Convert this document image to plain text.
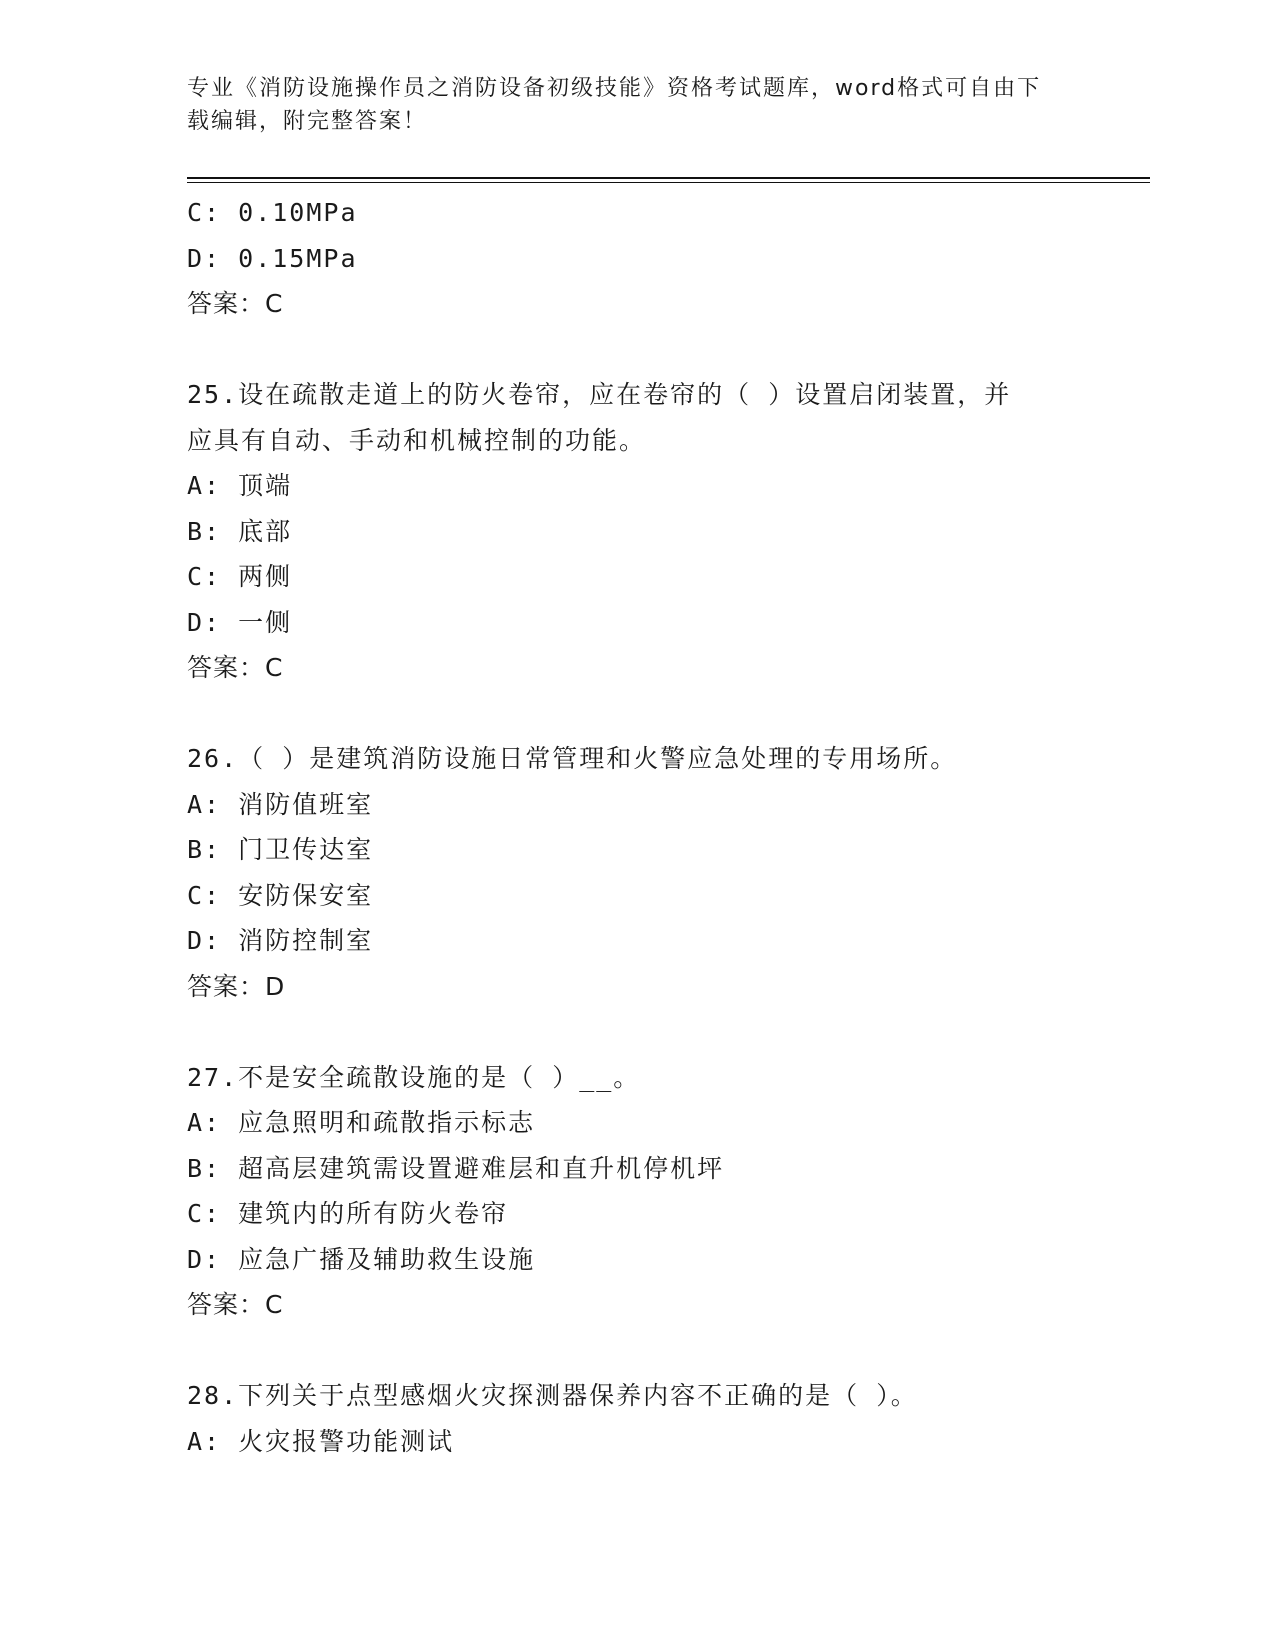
专业《消防设施操作员之消防设备初级技能》资格考试题库，word格式可自由下
载编辑，附完整答案！
C: 0.10MPa
D: 0.15MPa
答案：C
25.设在疏散走道上的防火卷帘，应在卷帘的（ ）设置启闭装置，并
应具有自动、手动和机械控制的功能。
A: 顶端
B: 底部
C: 两侧
D: 一侧
答案：C
26.（ ）是建筑消防设施日常管理和火警应急处理的专用场所。
A: 消防值班室
B: 门卫传达室
C: 安防保安室
D: 消防控制室
答案：D
27.不是安全疏散设施的是（ ）__。
A: 应急照明和疏散指示标志
B: 超高层建筑需设置避难层和直升机停机坪
C: 建筑内的所有防火卷帘
D: 应急广播及辅助救生设施
答案：C
28.下列关于点型感烟火灾探测器保养内容不正确的是（ ）。
A: 火灾报警功能测试
